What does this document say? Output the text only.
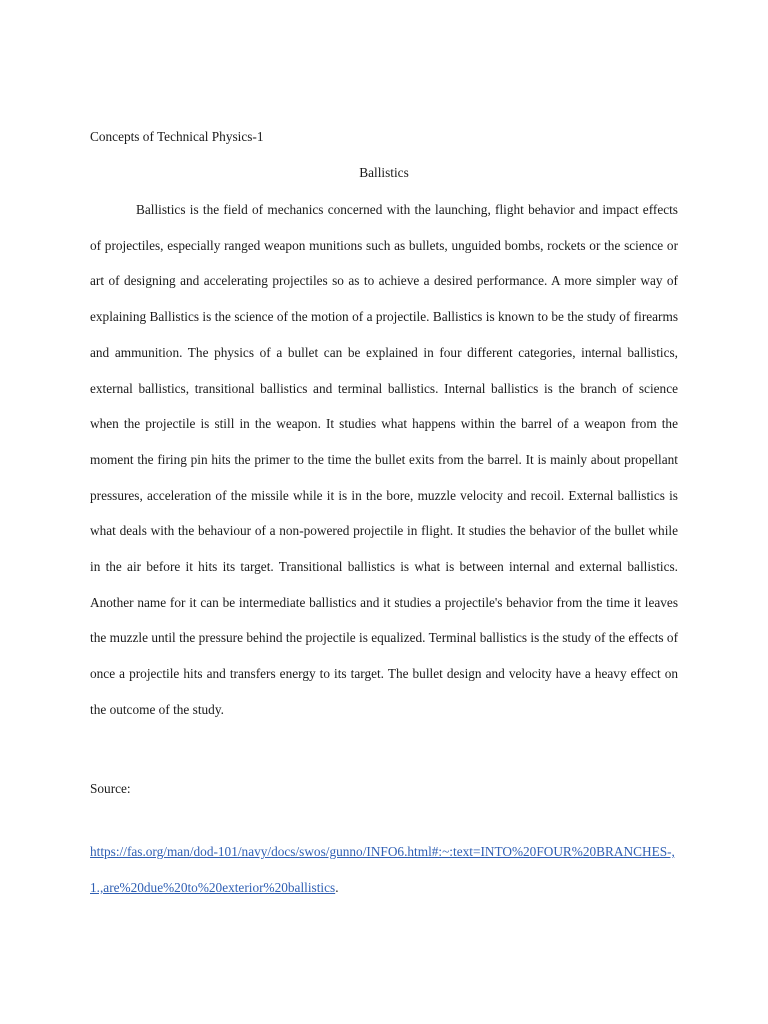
Concepts of Technical Physics-1
Ballistics

Ballistics is the field of mechanics concerned with the launching, flight behavior and impact effects of projectiles, especially ranged weapon munitions such as bullets, unguided bombs, rockets or the science or art of designing and accelerating projectiles so as to achieve a desired performance. A more simpler way of explaining Ballistics is the science of the motion of a projectile. Ballistics is known to be the study of firearms and ammunition. The physics of a bullet can be explained in four different categories, internal ballistics, external ballistics, transitional ballistics and terminal ballistics. Internal ballistics is the branch of science when the projectile is still in the weapon. It studies what happens within the barrel of a weapon from the moment the firing pin hits the primer to the time the bullet exits from the barrel. It is mainly about propellant pressures, acceleration of the missile while it is in the bore, muzzle velocity and recoil. External ballistics is what deals with the behaviour of a non-powered projectile in flight. It studies the behavior of the bullet while in the air before it hits its target. Transitional ballistics is what is between internal and external ballistics. Another name for it can be intermediate ballistics and it studies a projectile's behavior from the time it leaves the muzzle until the pressure behind the projectile is equalized. Terminal ballistics is the study of the effects of once a projectile hits and transfers energy to its target. The bullet design and velocity have a heavy effect on the outcome of the study.

Source:
https://fas.org/man/dod-101/navy/docs/swos/gunno/INFO6.html#:~:text=INTO%20FOUR%20BRANCHES-,1.,are%20due%20to%20exterior%20ballistics.
